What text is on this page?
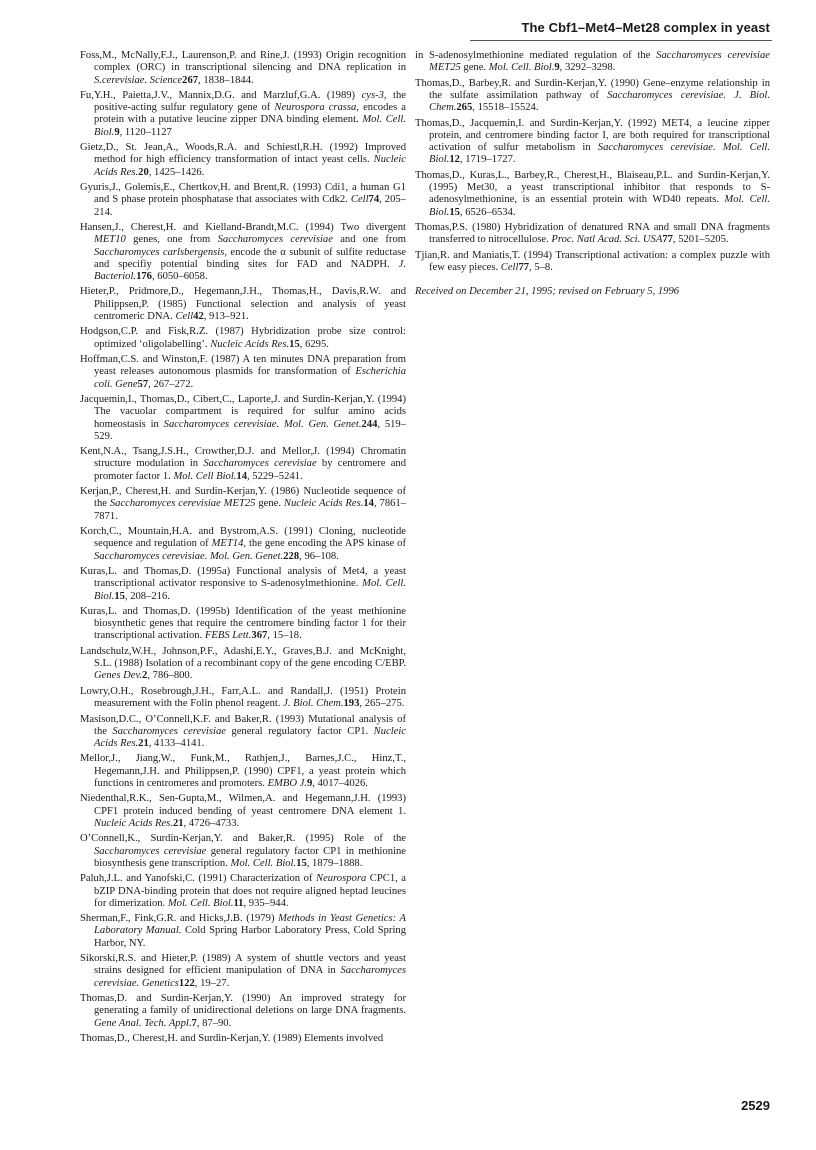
The Cbf1–Met4–Met28 complex in yeast
Foss,M., McNally,F.J., Laurenson,P. and Rine,J. (1993) Origin recognition complex (ORC) in transcriptional silencing and DNA replication in S.cerevisiae. Science267, 1838–1844.
Fu,Y.H., Paietta,J.V., Mannix,D.G. and Marzluf,G.A. (1989) cys-3, the positive-acting sulfur regulatory gene of Neurospora crassa, encodes a protein with a putative leucine zipper DNA binding element. Mol. Cell. Biol.9, 1120–1127
Gietz,D., St. Jean,A., Woods,R.A. and Schiestl,R.H. (1992) Improved method for high efficiency transformation of intact yeast cells. Nucleic Acids Res.20, 1425–1426.
Gyuris,J., Golemis,E., Chertkov,H. and Brent,R. (1993) Cdi1, a human G1 and S phase protein phosphatase that associates with Cdk2. Cell74, 205–214.
Hansen,J., Cherest,H. and Kielland-Brandt,M.C. (1994) Two divergent MET10 genes, one from Saccharomyces cerevisiae and one from Saccharomyces carlsbergensis, encode the α subunit of sulfite reductase and specifiy potential binding sites for FAD and NADPH. J. Bacteriol.176, 6050–6058.
Hieter,P., Pridmore,D., Hegemann,J.H., Thomas,H., Davis,R.W. and Philippsen,P. (1985) Functional selection and analysis of yeast centromeric DNA. Cell42, 913–921.
Hodgson,C.P. and Fisk,R.Z. (1987) Hybridization probe size control: optimized ‘oligolabelling’. Nucleic Acids Res.15, 6295.
Hoffman,C.S. and Winston,F. (1987) A ten minutes DNA preparation from yeast releases autonomous plasmids for transformation of Escherichia coli. Gene57, 267–272.
Jacquemin,I., Thomas,D., Cibert,C., Laporte,J. and Surdin-Kerjan,Y. (1994) The vacuolar compartment is required for sulfur amino acids homeostasis in Saccharomyces cerevisiae. Mol. Gen. Genet.244, 519–529.
Kent,N.A., Tsang,J.S.H., Crowther,D.J. and Mellor,J. (1994) Chromatin structure modulation in Saccharomyces cerevisiae by centromere and promoter factor 1. Mol. Cell Biol.14, 5229–5241.
Kerjan,P., Cherest,H. and Surdin-Kerjan,Y. (1986) Nucleotide sequence of the Saccharomyces cerevisiae MET25 gene. Nucleic Acids Res.14, 7861–7871.
Korch,C., Mountain,H.A. and Bystrom,A.S. (1991) Cloning, nucleotide sequence and regulation of MET14, the gene encoding the APS kinase of Saccharomyces cerevisiae. Mol. Gen. Genet.228, 96–108.
Kuras,L. and Thomas,D. (1995a) Functional analysis of Met4, a yeast transcriptional activator responsive to S-adenosylmethionine. Mol. Cell. Biol.15, 208–216.
Kuras,L. and Thomas,D. (1995b) Identification of the yeast methionine biosynthetic genes that require the centromere binding factor 1 for their transcriptional activation. FEBS Lett.367, 15–18.
Landschulz,W.H., Johnson,P.F., Adashi,E.Y., Graves,B.J. and McKnight, S.L. (1988) Isolation of a recombinant copy of the gene encoding C/EBP. Genes Dev.2, 786–800.
Lowry,O.H., Rosebrough,J.H., Farr,A.L. and Randall,J. (1951) Protein measurement with the Folin phenol reagent. J. Biol. Chem.193, 265–275.
Masison,D.C., O’Connell,K.F. and Baker,R. (1993) Mutational analysis of the Saccharomyces cerevisiae general regulatory factor CP1. Nucleic Acids Res.21, 4133–4141.
Mellor,J., Jiang,W., Funk,M., Rathjen,J., Barnes,J.C., Hinz,T., Hegemann,J.H. and Philippsen,P. (1990) CPF1, a yeast protein which functions in centromeres and promoters. EMBO J.9, 4017–4026.
Niedenthal,R.K., Sen-Gupta,M., Wilmen,A. and Hegemann,J.H. (1993) CPF1 protein induced bending of yeast centromere DNA element 1. Nucleic Acids Res.21, 4726–4733.
O’Connell,K., Surdin-Kerjan,Y. and Baker,R. (1995) Role of the Saccharomyces cerevisiae general regulatory factor CP1 in methionine biosynthesis gene transcription. Mol. Cell. Biol.15, 1879–1888.
Paluh,J.L. and Yanofski,C. (1991) Characterization of Neurospora CPC1, a bZIP DNA-binding protein that does not require aligned heptad leucines for dimerization. Mol. Cell. Biol.11, 935–944.
Sherman,F., Fink,G.R. and Hicks,J.B. (1979) Methods in Yeast Genetics: A Laboratory Manual. Cold Spring Harbor Laboratory Press, Cold Spring Harbor, NY.
Sikorski,R.S. and Hieter,P. (1989) A system of shuttle vectors and yeast strains designed for efficient manipulation of DNA in Saccharomyces cerevisiae. Genetics122, 19–27.
Thomas,D. and Surdin-Kerjan,Y. (1990) An improved strategy for generating a family of unidirectional deletions on large DNA fragments. Gene Anal. Tech. Appl.7, 87–90.
Thomas,D., Cherest,H. and Surdin-Kerjan,Y. (1989) Elements involved
in S-adenosylmethionine mediated regulation of the Saccharomyces cerevisiae MET25 gene. Mol. Cell. Biol.9, 3292–3298.
Thomas,D., Barbey,R. and Surdin-Kerjan,Y. (1990) Gene–enzyme relationship in the sulfate assimilation pathway of Saccharomyces cerevisiae. J. Biol. Chem.265, 15518–15524.
Thomas,D., Jacquemin,I. and Surdin-Kerjan,Y. (1992) MET4, a leucine zipper protein, and centromere binding factor I, are both required for transcriptional activation of sulfur metabolism in Saccharomyces cerevisiae. Mol. Cell. Biol.12, 1719–1727.
Thomas,D., Kuras,L., Barbey,R., Cherest,H., Blaiseau,P.L. and Surdin-Kerjan,Y. (1995) Met30, a yeast transcriptional inhibitor that responds to S-adenosylmethionine, is an essential protein with WD40 repeats. Mol. Cell. Biol.15, 6526–6534.
Thomas,P.S. (1980) Hybridization of denatured RNA and small DNA fragments transferred to nitrocellulose. Proc. Natl Acad. Sci. USA77, 5201–5205.
Tjian,R. and Maniatis,T. (1994) Transcriptional activation: a complex puzzle with few easy pieces. Cell77, 5–8.
Received on December 21, 1995; revised on February 5, 1996
2529
